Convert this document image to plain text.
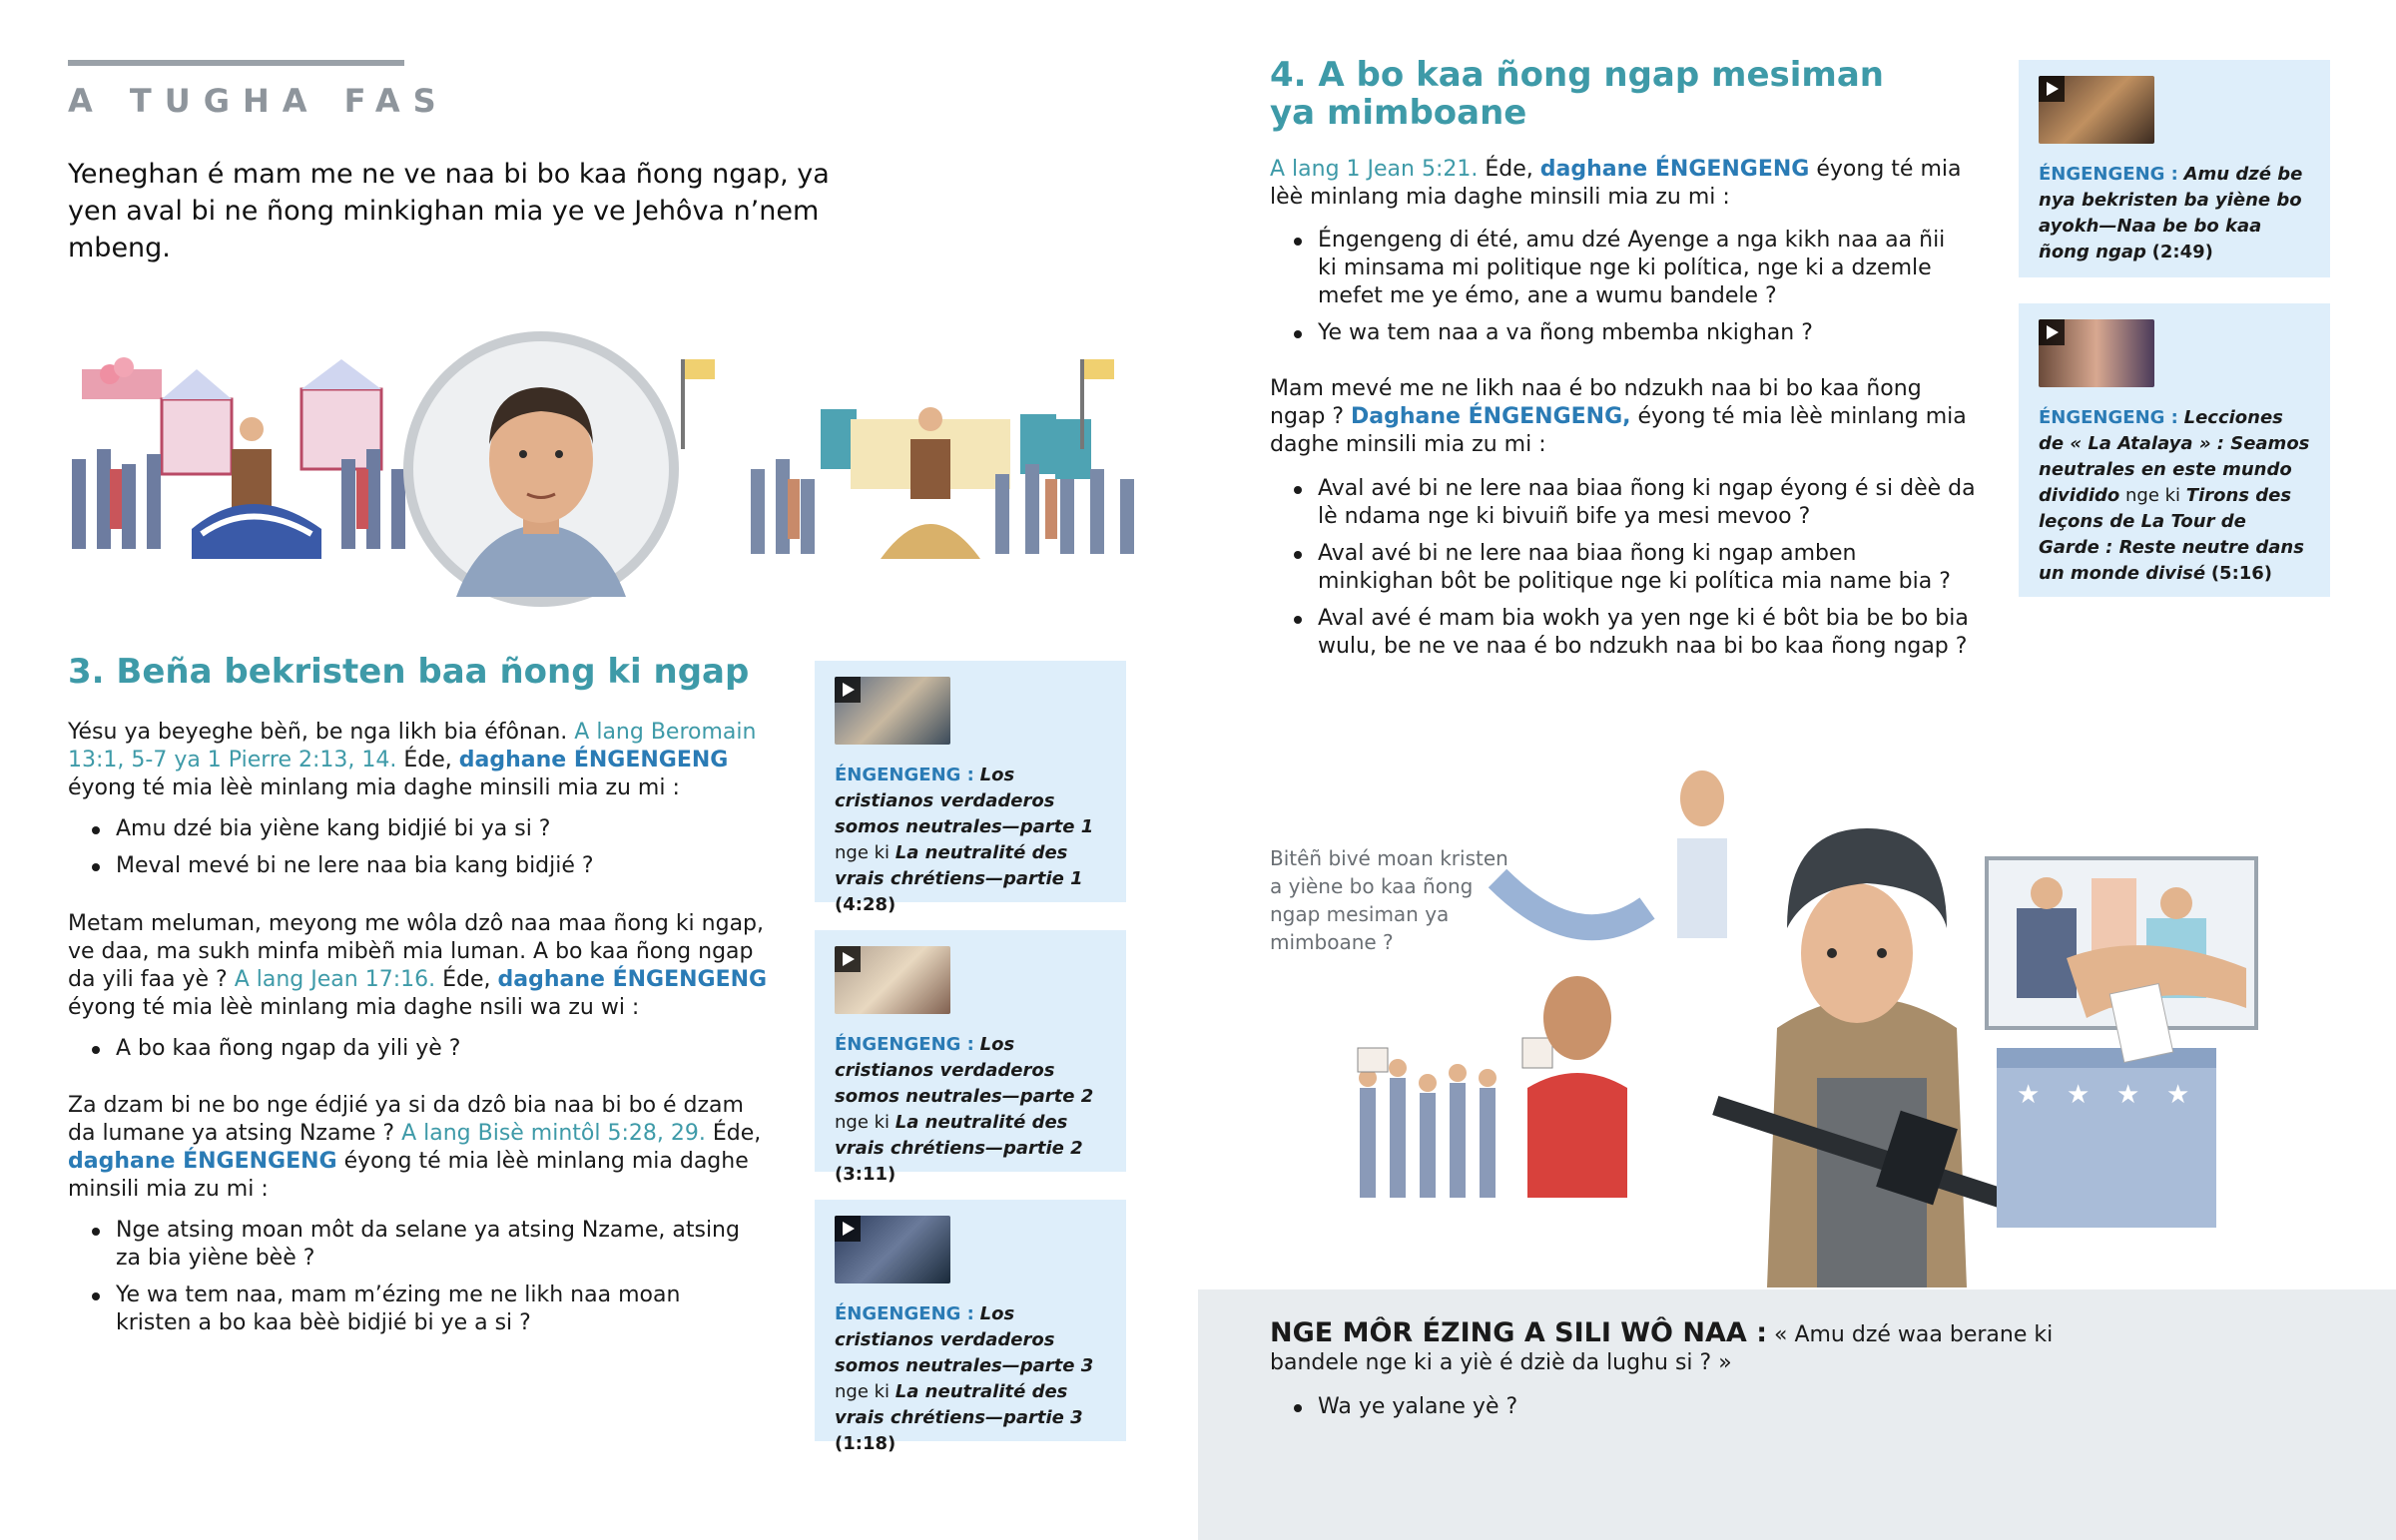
A TUGHA FAS
Yeneghan é mam me ne ve naa bi bo kaa ñong ngap, ya yen aval bi ne ñong minkighan mia ye ve Jehôva n’nem mbeng.
3. Beña bekristen baa ñong ki ngap
Yésu ya beyeghe bèñ, be nga likh bia éfônan. A lang Beromain 13:1, 5-7 ya 1 Pierre 2:13, 14. Éde, daghane ÉNGENGENG éyong té mia lèè minlang mia daghe minsili mia zu mi :
Amu dzé bia yiène kang bidjié bi ya si ?
Meval mevé bi ne lere naa bia kang bidjié ?
Metam meluman, meyong me wôla dzô naa maa ñong ki ngap, ve daa, ma sukh minfa mibèñ mia luman. A bo kaa ñong ngap da yili faa yè ? A lang Jean 17:16. Éde, daghane ÉNGENGENG éyong té mia lèè minlang mia daghe nsili wa zu wi :
A bo kaa ñong ngap da yili yè ?
Za dzam bi ne bo nge édjié ya si da dzô bia naa bi bo é dzam da lumane ya atsing Nzame ? A lang Bisè mintôl 5:28, 29. Éde, daghane ÉNGENGENG éyong té mia lèè minlang mia daghe minsili mia zu mi :
Nge atsing moan môt da selane ya atsing Nzame, atsing za bia yiène bèè ?
Ye wa tem naa, mam m’ézing me ne likh naa moan kristen a bo kaa bèè bidjié bi ye a si ?
ÉNGENGENG : Los cristianos verdaderos somos neutrales—parte 1 nge ki La neutralité des vrais chrétiens—partie 1 (4:28)
ÉNGENGENG : Los cristianos verdaderos somos neutrales—parte 2 nge ki La neutralité des vrais chrétiens—partie 2 (3:11)
ÉNGENGENG : Los cristianos verdaderos somos neutrales—parte 3 nge ki La neutralité des vrais chrétiens—partie 3 (1:18)
4. A bo kaa ñong ngap mesiman ya mimboane
A lang 1 Jean 5:21. Éde, daghane ÉNGENGENG éyong té mia lèè minlang mia daghe minsili mia zu mi :
Éngengeng di été, amu dzé Ayenge a nga kikh naa aa ñii ki minsama mi politique nge ki política, nge ki a dzemle mefet me ye émo, ane a wumu bandele ?
Ye wa tem naa a va ñong mbemba nkighan ?
Mam mevé me ne likh naa é bo ndzukh naa bi bo kaa ñong ngap ? Daghane ÉNGENGENG, éyong té mia lèè minlang mia daghe minsili mia zu mi :
Aval avé bi ne lere naa biaa ñong ki ngap éyong é si dèè da lè ndama nge ki bivuiñ bife ya mesi mevoo ?
Aval avé bi ne lere naa biaa ñong ki ngap amben minkighan bôt be politique nge ki política mia name bia ?
Aval avé é mam bia wokh ya yen nge ki é bôt bia be bo bia wulu, be ne ve naa é bo ndzukh naa bi bo kaa ñong ngap ?
ÉNGENGENG : Amu dzé be nya bekristen ba yiène bo ayokh—Naa be bo kaa ñong ngap (2:49)
ÉNGENGENG : Lecciones de « La Atalaya » : Seamos neutrales en este mundo dividido nge ki Tirons des leçons de La Tour de Garde : Reste neutre dans un monde divisé (5:16)
Bitêñ bivé moan kristen a yiène bo kaa ñong ngap mesiman ya mimboane ?
★ ★ ★ ★
NGE MÔR ÉZING A SILI WÔ NAA : « Amu dzé waa berane ki bandele nge ki a yiè é dziè da lughu si ? »
Wa ye yalane yè ?
